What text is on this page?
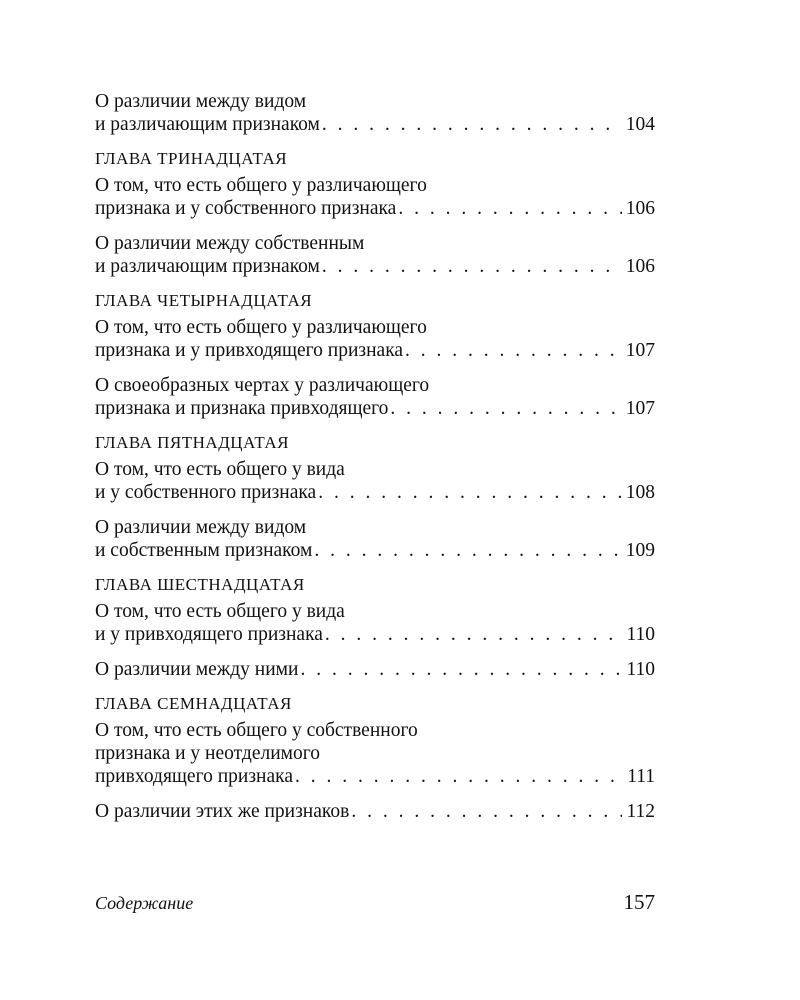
О различии между видом
и различающим признаком . . .	104
ГЛАВА ТРИНАДЦАТАЯ
О том, что есть общего у различающего
признака и у собственного признака . . .	106
О различии между собственным
и различающим признаком . . .	106
ГЛАВА ЧЕТЫРНАДЦАТАЯ
О том, что есть общего у различающего
признака и у привходящего признака . . .	107
О своеобразных чертах у различающего
признака и признака привходящего . . .	107
ГЛАВА ПЯТНАДЦАТАЯ
О том, что есть общего у вида
и у собственного признака . . .	108
О различии между видом
и собственным признаком . . .	109
ГЛАВА ШЕСТНАДЦАТАЯ
О том, что есть общего у вида
и у привходящего признака . . .	110
О различии между ними . . .	110
ГЛАВА СЕМНАДЦАТАЯ
О том, что есть общего у собственного
признака и у неотделимого
привходящего признака . . .	111
О различии этих же признаков . . .	112
Содержание	157
